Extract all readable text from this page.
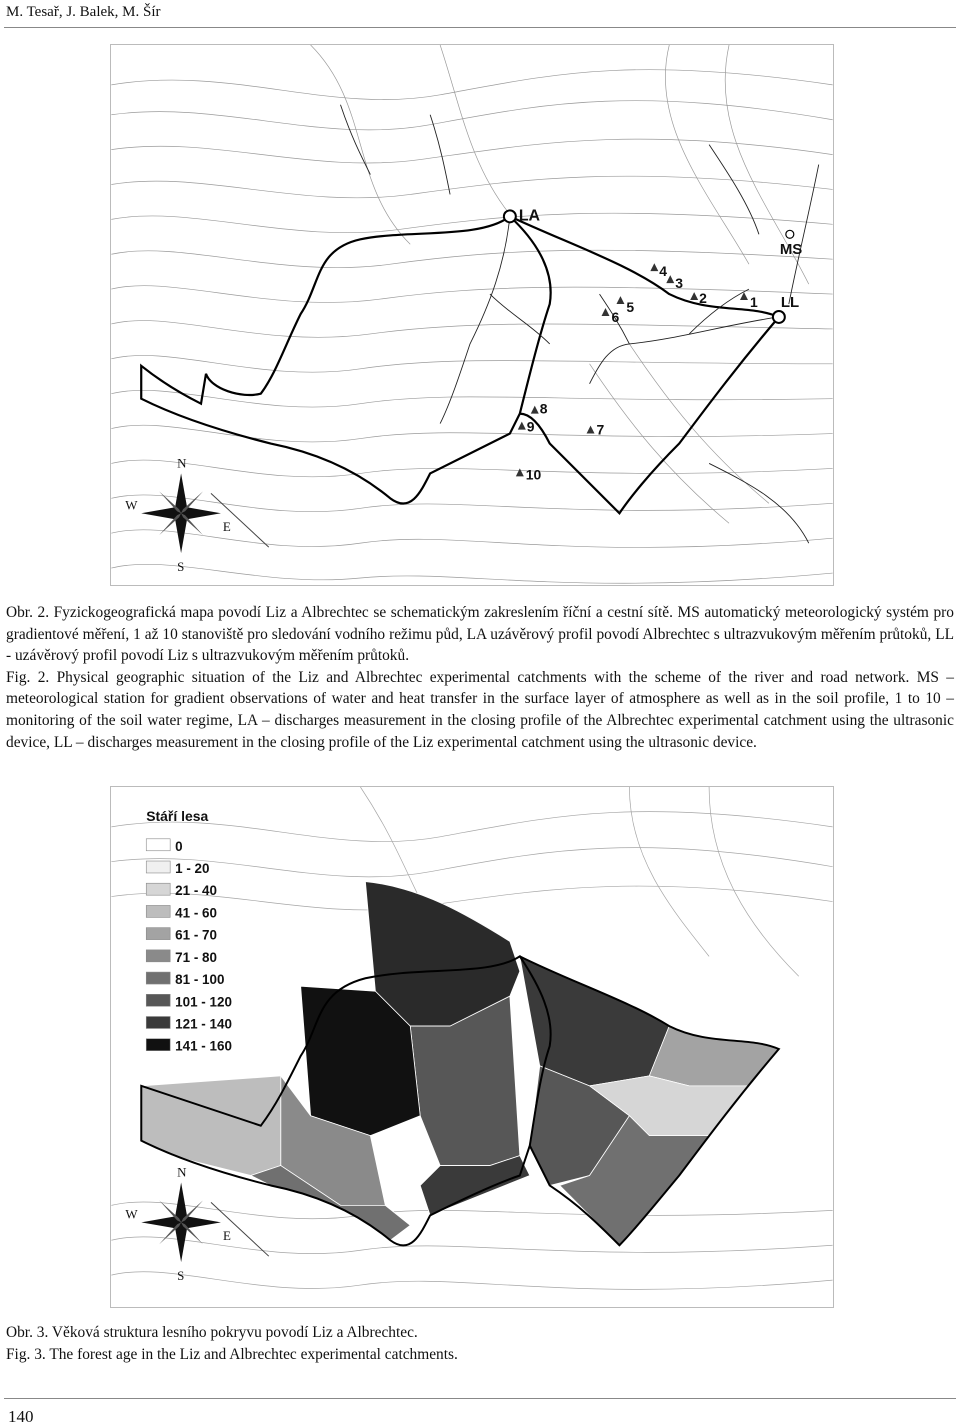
M. Tesař, J. Balek, M. Šír
LA
MS
LL
4
3
2	1
5
6
8
9	7
10
N
S
E
W

Obr. 2. Fyzickogeografická mapa povodí Liz a Albrechtec se schematickým zakreslením říční a cestní sítě. MS automatický meteorologický systém pro gradientové měření, 1 až 10 stanoviště pro sledování vodního režimu půd, LA uzávěrový profil povodí Albrechtec s ultrazvukovým měřením průtoků, LL - uzávěrový profil povodí Liz s ultrazvukovým měřením průtoků.

Fig. 2. Physical geographic situation of the Liz and Albrechtec experimental catchments with the scheme of the river and road network. MS – meteorological station for gradient observations of water and heat transfer in the surface layer of atmosphere as well as in the soil profile, 1 to 10 – monitoring of the soil water regime, LA – discharges measurement in the closing profile of the Albrechtec experimental catchment using the ultrasonic device, LL – discharges measurement in the closing profile of the Liz experimental catchment using the ultrasonic device.

Stáří lesa
0
1 - 20
21 - 40
41 - 60
61 - 70
71 - 80
81 - 100
101 - 120
121 - 140
141 - 160
N
S
E
W

Obr. 3. Věková struktura lesního pokryvu povodí Liz a Albrechtec.

Fig. 3. The forest age in the Liz and Albrechtec experimental catchments.

140
